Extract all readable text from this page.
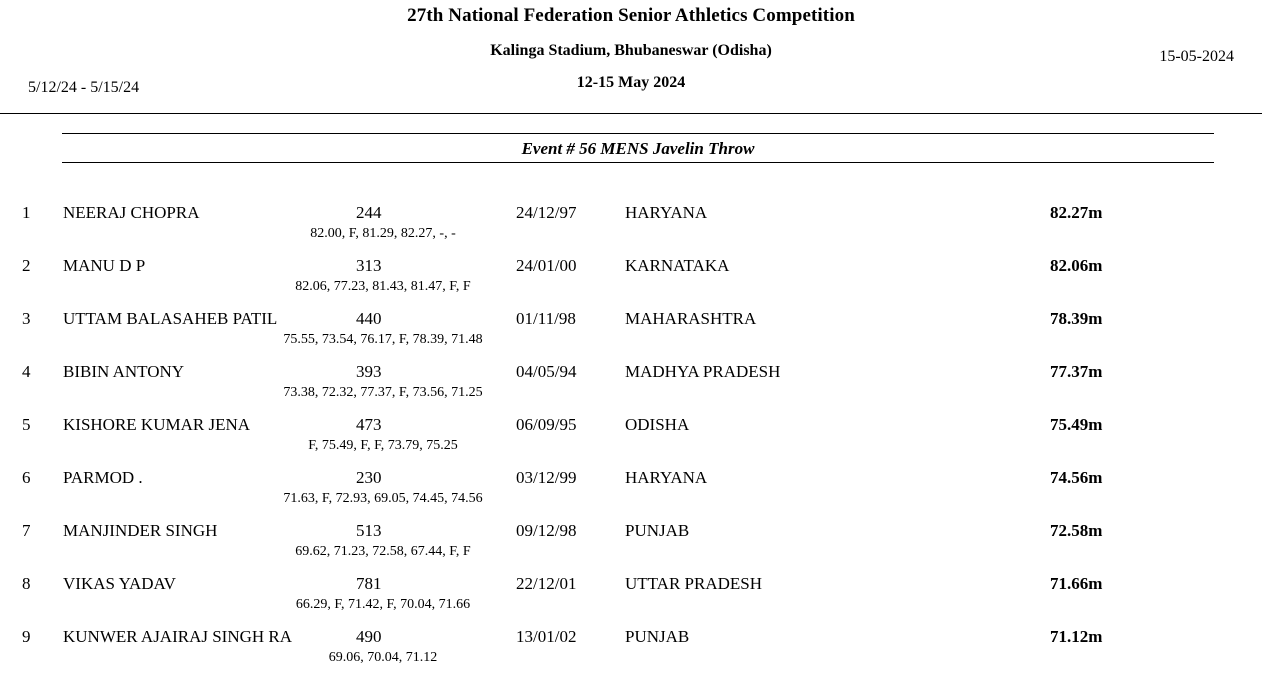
27th National Federation Senior Athletics Competition
Kalinga Stadium, Bhubaneswar (Odisha)
12-15 May 2024
15-05-2024
5/12/24 - 5/15/24
Event # 56 MENS Javelin Throw
1	NEERAJ CHOPRA	244	24/12/97	HARYANA	82.27m
82.00, F, 81.29, 82.27, -, -
2	MANU D P	313	24/01/00	KARNATAKA	82.06m
82.06, 77.23, 81.43, 81.47, F, F
3	UTTAM BALASAHEB PATIL	440	01/11/98	MAHARASHTRA	78.39m
75.55, 73.54, 76.17, F, 78.39, 71.48
4	BIBIN ANTONY	393	04/05/94	MADHYA PRADESH	77.37m
73.38, 72.32, 77.37, F, 73.56, 71.25
5	KISHORE KUMAR JENA	473	06/09/95	ODISHA	75.49m
F, 75.49, F, F, 73.79, 75.25
6	PARMOD .	230	03/12/99	HARYANA	74.56m
71.63, F, 72.93, 69.05, 74.45, 74.56
7	MANJINDER SINGH	513	09/12/98	PUNJAB	72.58m
69.62, 71.23, 72.58, 67.44, F, F
8	VIKAS YADAV	781	22/12/01	UTTAR PRADESH	71.66m
66.29, F, 71.42, F, 70.04, 71.66
9	KUNWER AJAIRAJ SINGH RA	490	13/01/02	PUNJAB	71.12m
69.06, 70.04, 71.12
